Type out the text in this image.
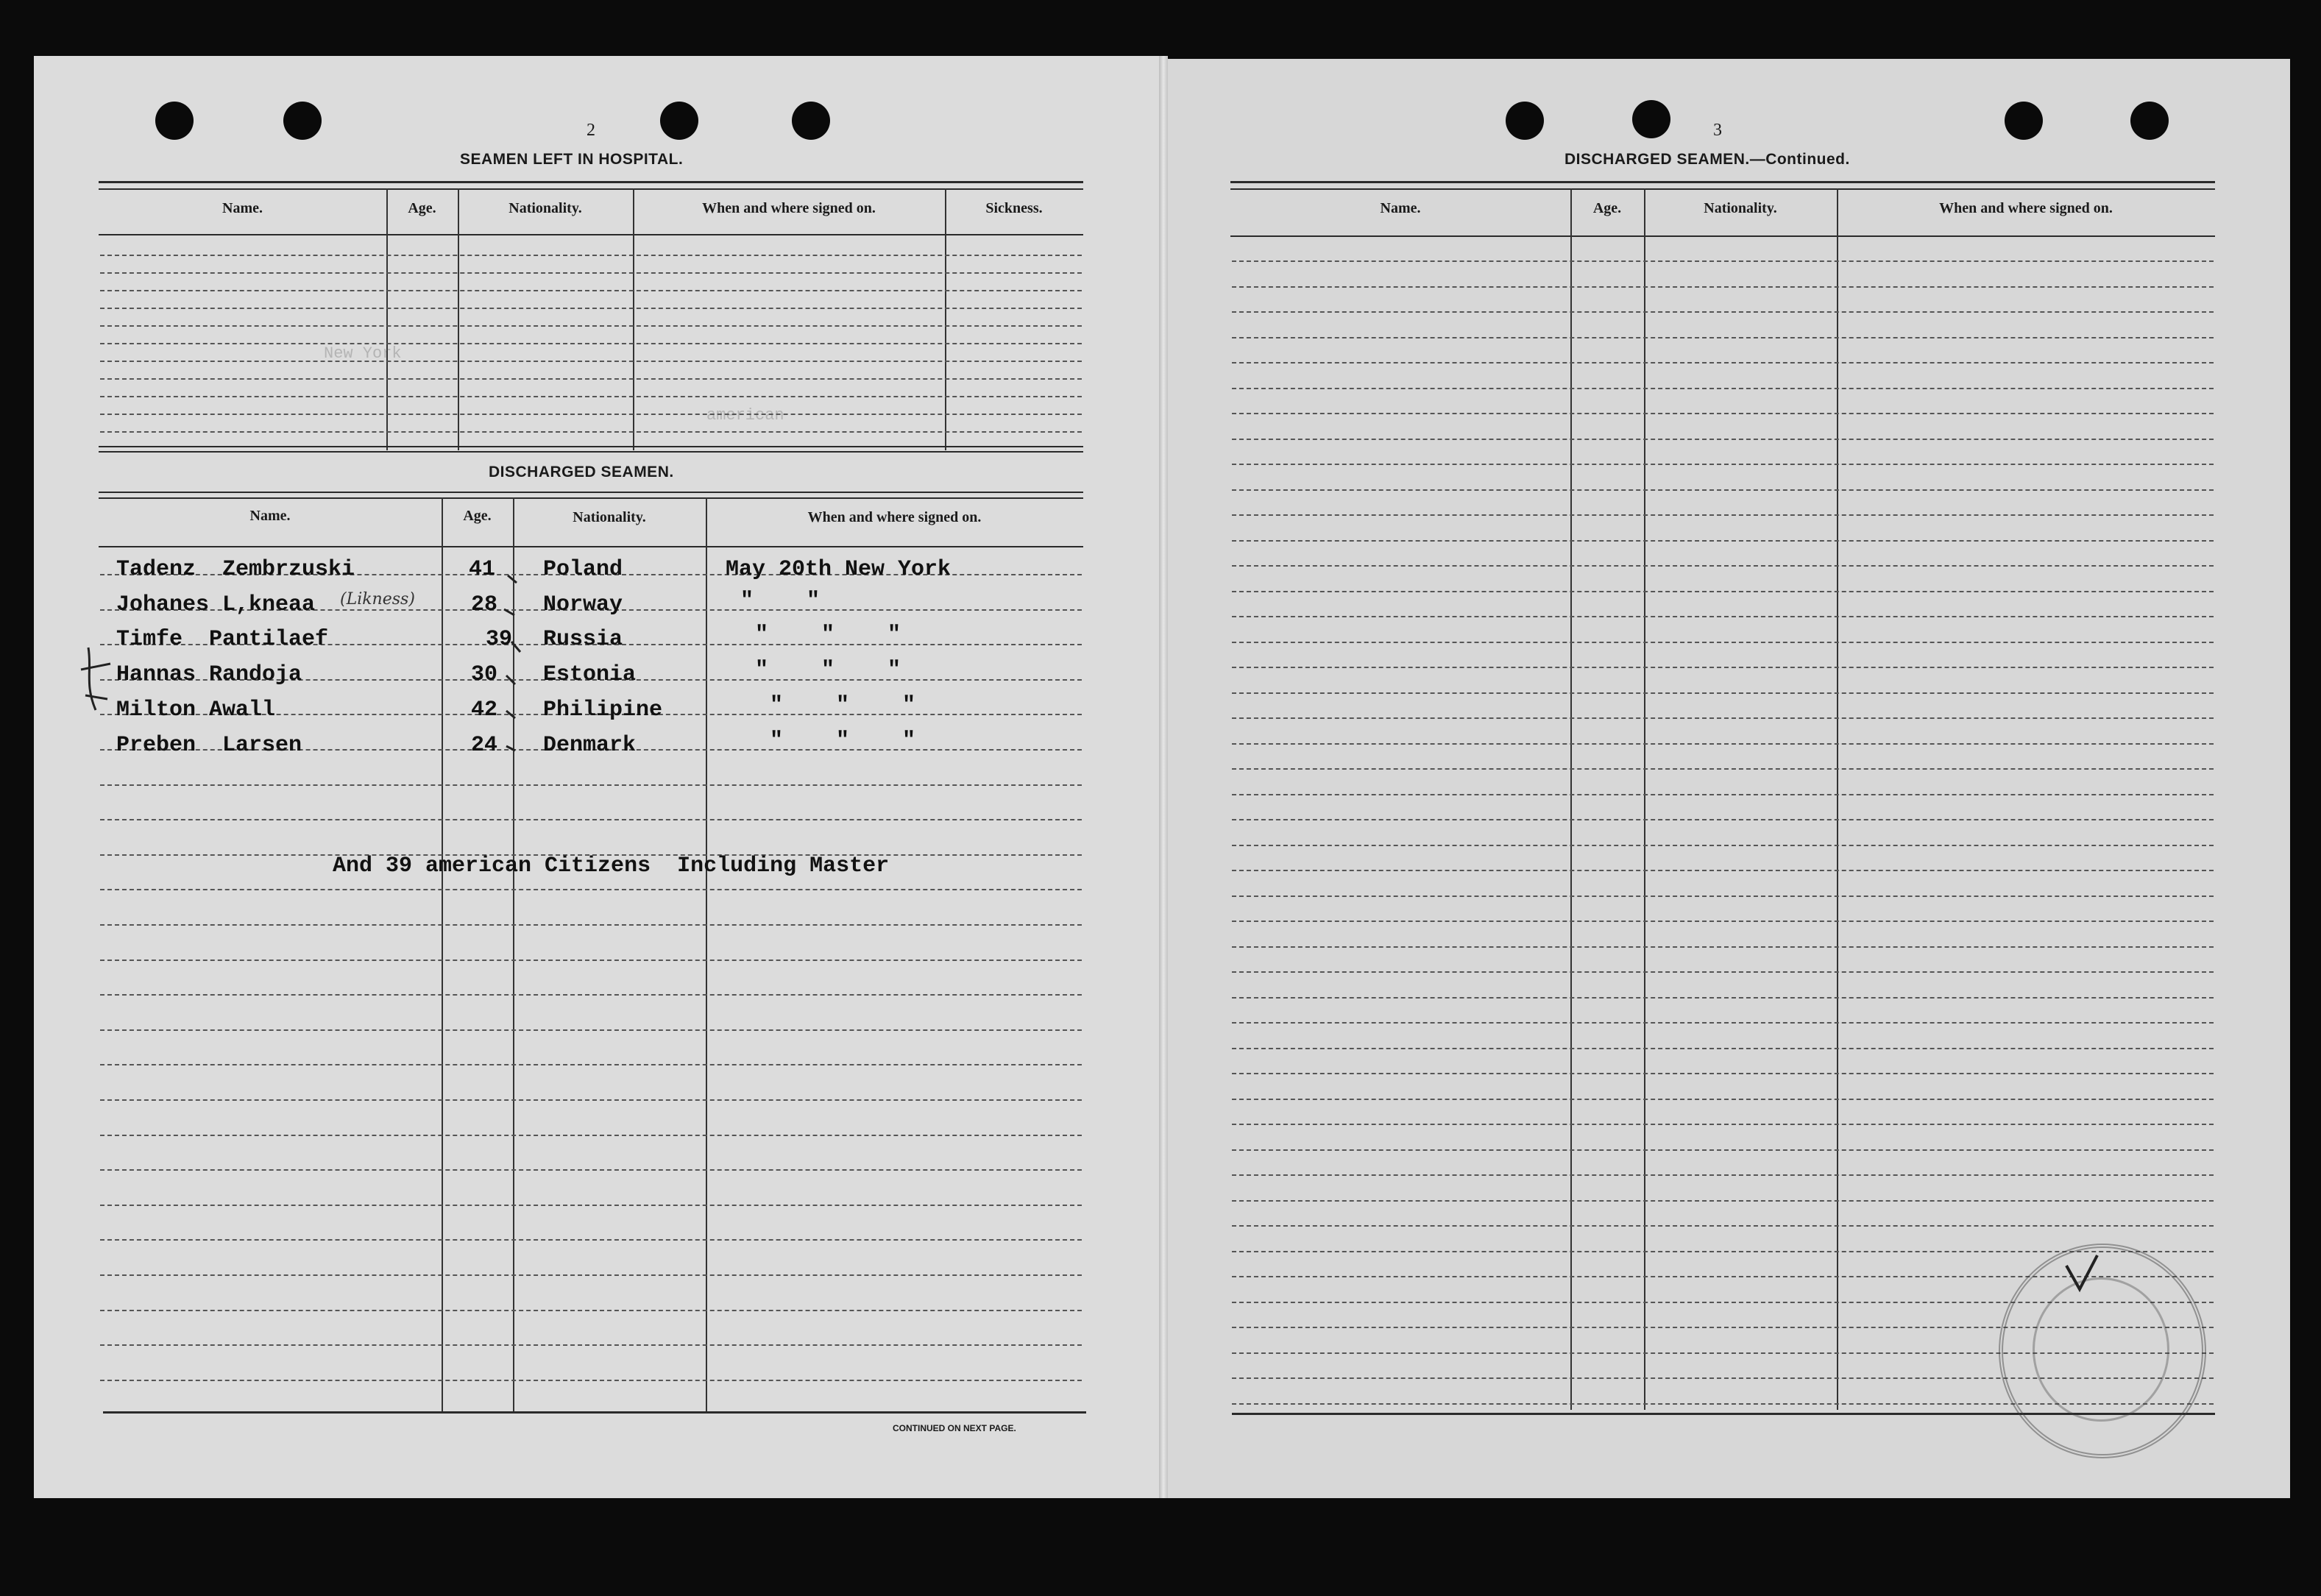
2
SEAMEN LEFT IN HOSPITAL.
Name.	Age.	Nationality.	When and where signed on.	Sickness.
DISCHARGED SEAMEN.
Name.	Age.	Nationality.	When and where signed on.
Tadenz  Zembrzuski	41 Poland	May 20th New York
Johanes L,kneaa	28 Norway	"    "
Timfe  Pantilaef	39 Russia	"    "    "
Hannas Randoja	30 Estonia	"    "    "
Milton Awall	42 Philipine	"    "    "
Preben  Larsen	24 Denmark	"    "    "
(Likness)
And 39 american Citizens  Including Master
CONTINUED ON NEXT PAGE.
New York
american
3
DISCHARGED SEAMEN.—Continued.
Name.	Age.	Nationality.	When and where signed on.
